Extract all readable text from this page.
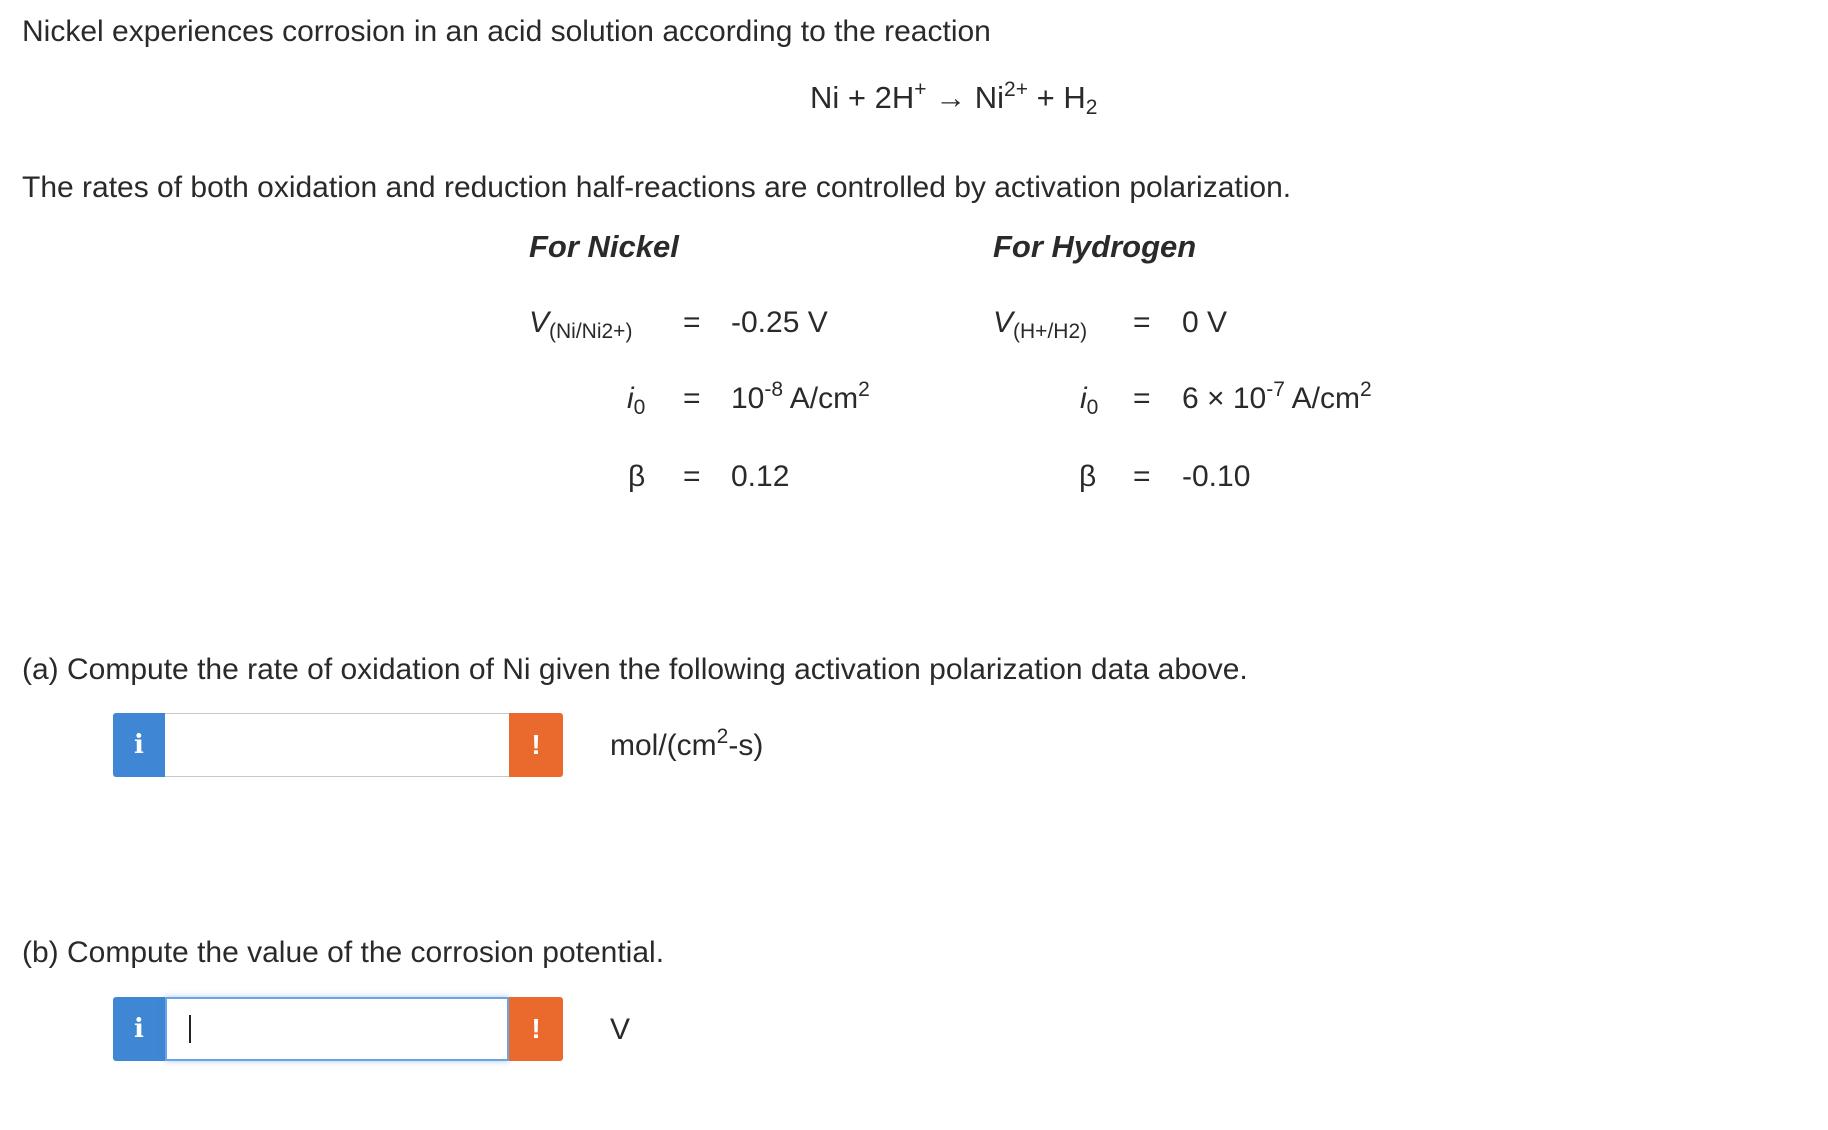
Nickel experiences corrosion in an acid solution according to the reaction
$Ni + 2H^+ \to Ni^{2+} + H_2$
The rates of both oxidation and reduction half-reactions are controlled by activation polarization.
For Nickel
$V_{(Ni/Ni2+)} = -0.25$ V
$i_0 = 10^{-8}$ $A/cm^2$
β = 0.12
For Hydrogen
$V_{(H+/H2)} = 0$ V
$i_0 = 6 \times 10^{-7}$ $A/cm^2$
β = -0.10
(a) Compute the rate of oxidation of Ni given the following activation polarization data above.
i	!	mol/$(cm^2-s)$
(b) Compute the value of the corrosion potential.
i	!	V
